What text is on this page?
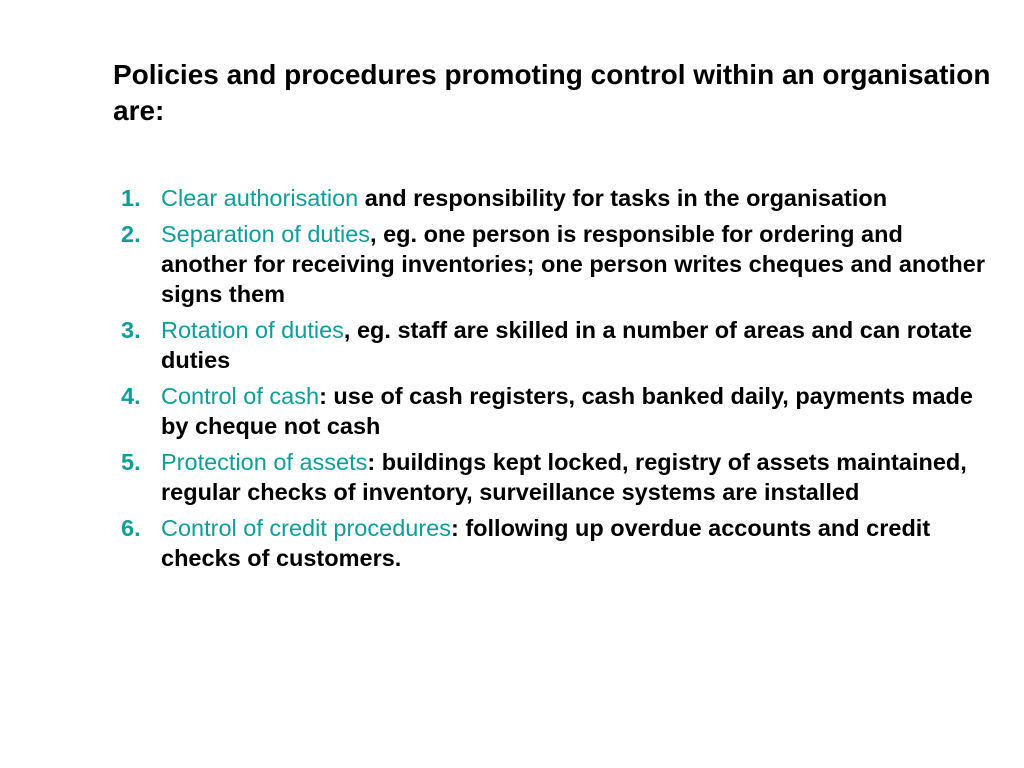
Policies and procedures promoting control within an organisation are:
1. Clear authorisation and responsibility for tasks in the organisation
2. Separation of duties, eg. one person is responsible for ordering and another for receiving inventories; one person writes cheques and another signs them
3. Rotation of duties, eg. staff are skilled in a number of areas and can rotate duties
4. Control of cash: use of cash registers, cash banked daily, payments made by cheque not cash
5. Protection of assets: buildings kept locked, registry of assets maintained, regular checks of inventory, surveillance systems are installed
6. Control of credit procedures: following up overdue accounts and credit checks of customers.
